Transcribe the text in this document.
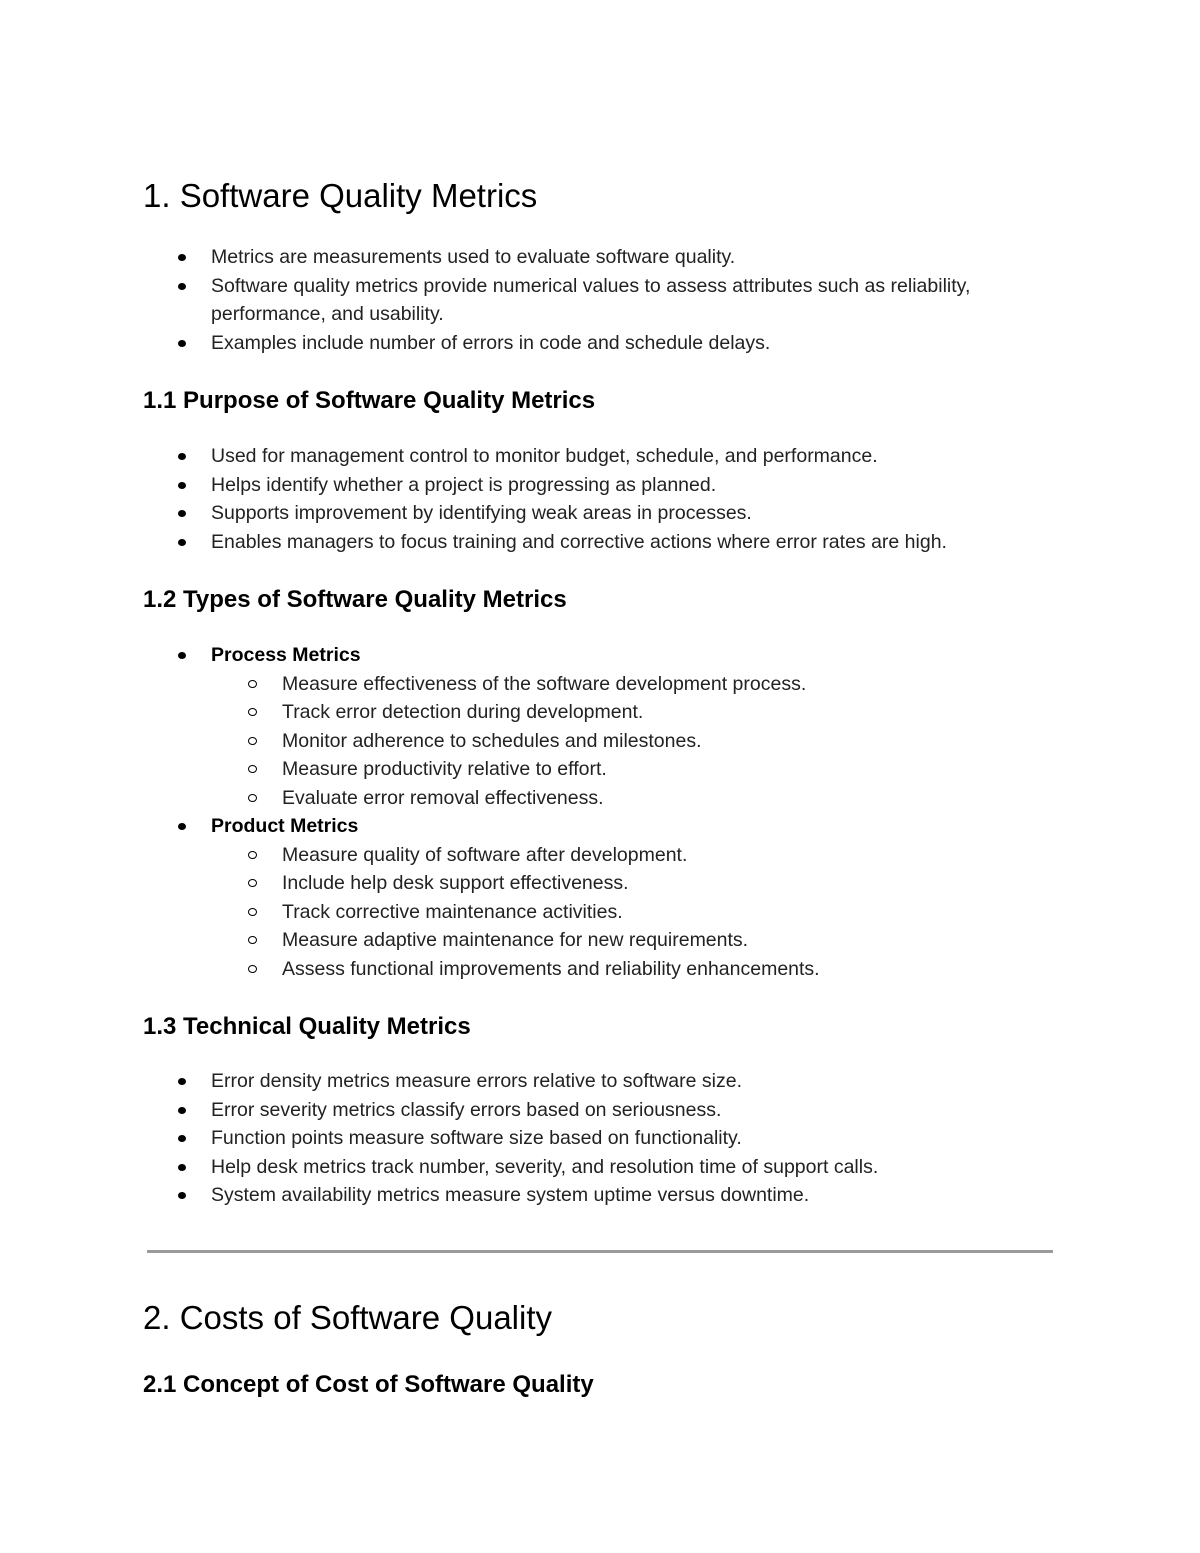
1. Software Quality Metrics
Metrics are measurements used to evaluate software quality.
Software quality metrics provide numerical values to assess attributes such as reliability, performance, and usability.
Examples include number of errors in code and schedule delays.
1.1 Purpose of Software Quality Metrics
Used for management control to monitor budget, schedule, and performance.
Helps identify whether a project is progressing as planned.
Supports improvement by identifying weak areas in processes.
Enables managers to focus training and corrective actions where error rates are high.
1.2 Types of Software Quality Metrics
Process Metrics
Measure effectiveness of the software development process.
Track error detection during development.
Monitor adherence to schedules and milestones.
Measure productivity relative to effort.
Evaluate error removal effectiveness.
Product Metrics
Measure quality of software after development.
Include help desk support effectiveness.
Track corrective maintenance activities.
Measure adaptive maintenance for new requirements.
Assess functional improvements and reliability enhancements.
1.3 Technical Quality Metrics
Error density metrics measure errors relative to software size.
Error severity metrics classify errors based on seriousness.
Function points measure software size based on functionality.
Help desk metrics track number, severity, and resolution time of support calls.
System availability metrics measure system uptime versus downtime.
2. Costs of Software Quality
2.1 Concept of Cost of Software Quality
